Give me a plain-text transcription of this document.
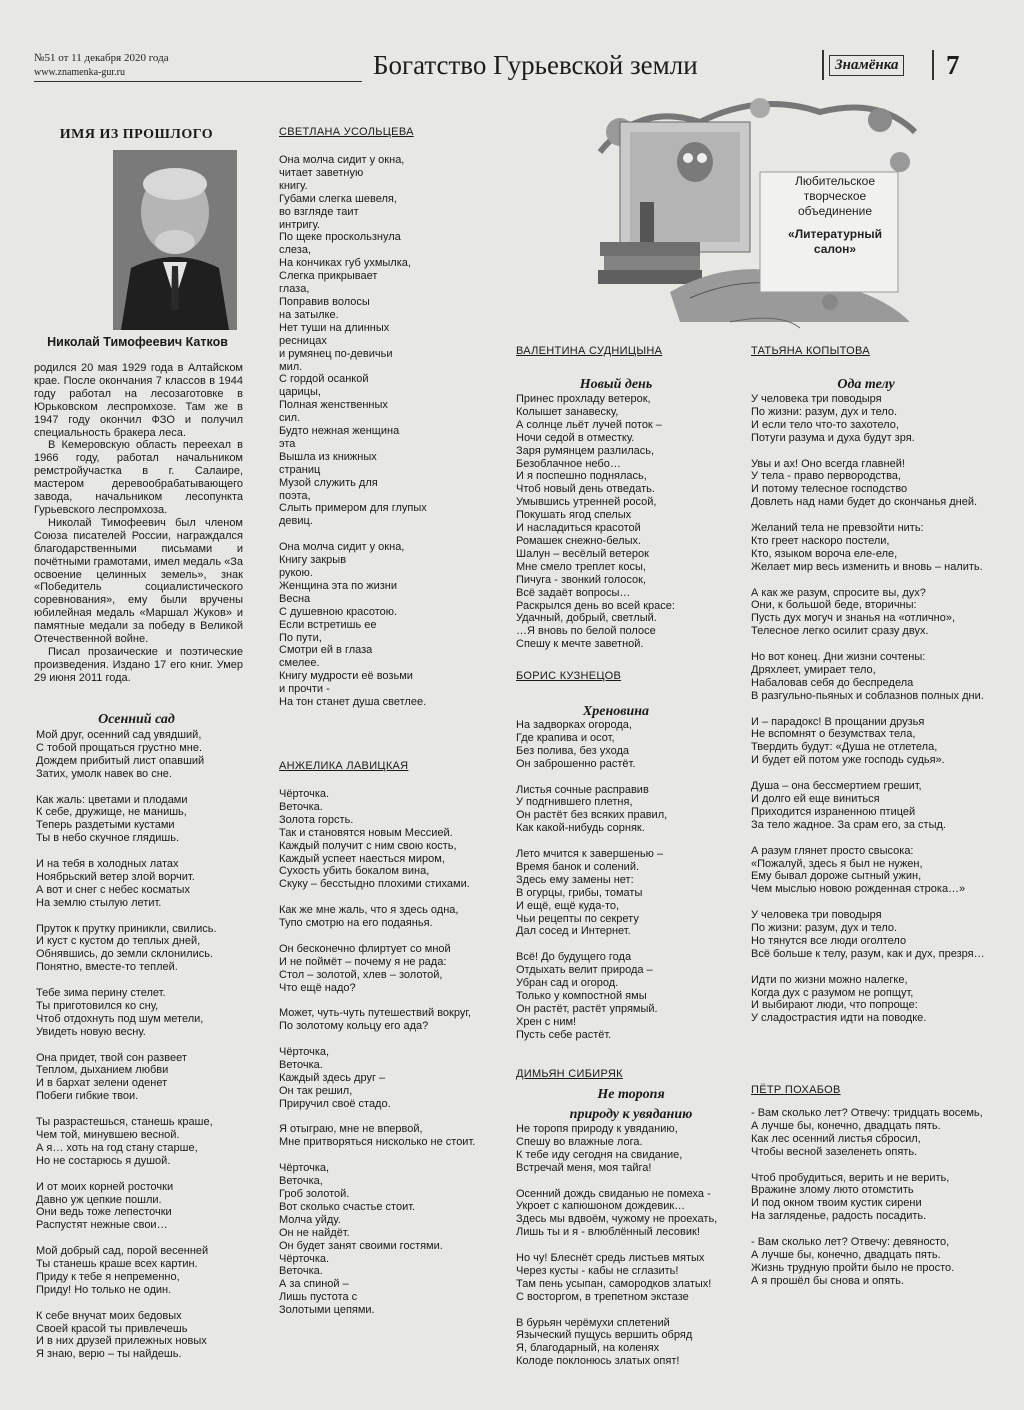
№51 от 11 декабря 2020 года
www.znamenka-gur.ru	Богатство Гурьевской земли	Знамёнка 7
ИМЯ ИЗ ПРОШЛОГО
Николай Тимофеевич Катков

родился 20 мая 1929 года в Алтайском крае. После окончания 7 классов в 1944 году работал на лесозаготовке в Юрьковском леспромхозе. Там же в 1947 году окончил ФЗО и получил специальность бракера леса.

В Кемеровскую область переехал в 1966 году, работал начальником ремстройучастка в г. Салаире, мастером деревообрабатывающего завода, начальником лесопункта Гурьевского леспромхоза.

Николай Тимофеевич был членом Союза писателей России, награждался благодарственными письмами и почётными грамотами, имел медаль «За освоение целинных земель», знак «Победитель социалистического соревнования», ему были вручены юбилейная медаль «Маршал Жуков» и памятные медали за победу в Великой Отечественной войне.

Писал прозаические и поэтические произведения. Издано 17 его книг. Умер 29 июня 2011 года.

Осенний сад
Мой друг, осенний сад увядший,
С тобой прощаться грустно мне.
Дождем прибитый лист опавший
Затих, умолк навек во сне.
Как жаль: цветами и плодами
К себе, дружище, не манишь,
Теперь раздетыми кустами
Ты в небо скучное глядишь.
И на тебя в холодных латах
Ноябрьский ветер злой ворчит.
А вот и снег с небес косматых
На землю стылую летит.
Пруток к прутку приникли, свились.
И куст с кустом до теплых дней,
Обнявшись, до земли склонились.
Понятно, вместе-то теплей.
Тебе зима перину стелет.
Ты приготовился ко сну,
Чтоб отдохнуть под шум метели,
Увидеть новую весну.
Она придет, твой сон развеет
Теплом, дыханием любви
И в бархат зелени оденет
Побеги гибкие твои.
Ты разрастешься, станешь краше,
Чем той, минувшею весной.
А я… хоть на год стану старше,
Но не состарюсь я душой.
И от моих корней росточки
Давно уж цепкие пошли.
Они ведь тоже лепесточки
Распустят нежные свои…
Мой добрый сад, порой весенней
Ты станешь краше всех картин.
Приду к тебе я непременно,
Приду! Но только не один.
К себе внучат моих бедовых
Своей красой ты привлечешь
И в них друзей прилежных новых
Я знаю, верю – ты найдешь.
СВЕТЛАНА УСОЛЬЦЕВА
Она молча сидит у окна,
читает заветную
книгу.
Губами слегка шевеля,
во взгляде таит
интригу.
По щеке проскользнула
слеза,
На кончиках губ ухмылка,
Слегка прикрывает
глаза,
Поправив волосы
на затылке.
Нет туши на длинных
ресницах
и румянец по-девичьи
мил.
С гордой осанкой
царицы,
Полная женственных
сил.
Будто нежная женщина
эта
Вышла из книжных
страниц
Музой служить для
поэта,
Слыть примером для глупых
девиц.
Она молча сидит у окна,
Книгу закрыв
рукою.
Женщина эта по жизни
Весна
С душевною красотою.
Если встретишь ее
По пути,
Смотри ей в глаза
смелее.
Книгу мудрости её возьми
и прочти -
На тон станет душа светлее.
АНЖЕЛИКА ЛАВИЦКАЯ
Чёрточка.
Веточка.
Золота горсть.
Так и становятся новым Мессией.
Каждый получит с ним свою кость,
Каждый успеет наесться миром,
Сухость убить бокалом вина,
Скуку – бесстыдно плохими стихами.
Как же мне жаль, что я здесь одна,
Тупо смотрю на его подаянья.
Он бесконечно флиртует со мной
И не поймёт – почему я не рада:
Стол – золотой, хлев – золотой,
Что ещё надо?
Может, чуть-чуть путешествий вокруг,
По золотому кольцу его ада?
Чёрточка,
Веточка.
Каждый здесь друг –
Он так решил,
Приручил своё стадо.
Я отыграю, мне не впервой,
Мне притворяться нисколько не стоит.
Чёрточка,
Веточка,
Гроб золотой.
Вот сколько счастье стоит.
Молча уйду.
Он не найдёт.
Он будет занят своими гостями.
Чёрточка.
Веточка.
А за спиной –
Лишь пустота с
Золотыми цепями.
Любительское
творческое
объединение
«Литературный
салон»
ВАЛЕНТИНА СУДНИЦЫНА
Новый день
Принес прохладу ветерок,
Колышет занавеску,
А солнце льёт лучей поток –
Ночи седой в отместку.
Заря румянцем разлилась,
Безоблачное небо…
И я поспешно поднялась,
Чтоб новый день отведать.
Умывшись утренней росой,
Покушать ягод спелых
И насладиться красотой
Ромашек снежно-белых.
Шалун – весёлый ветерок
Мне смело треплет косы,
Пичуга - звонкий голосок,
Всё задаёт вопросы…
Раскрылся день во всей красе:
Удачный, добрый, светлый.
…Я вновь по белой полосе
Спешу к мечте заветной.
БОРИС КУЗНЕЦОВ
Хреновина
На задворках огорода,
Где крапива и осот,
Без полива, без ухода
Он заброшенно растёт.
Листья сочные расправив
У подгнившего плетня,
Он растёт без всяких правил,
Как какой-нибудь сорняк.
Лето мчится к завершенью –
Время банок и солений.
Здесь ему замены нет:
В огурцы, грибы, томаты
И ещё, ещё куда-то,
Чьи рецепты по секрету
Дал сосед и Интернет.
Всё! До будущего года
Отдыхать велит природа –
Убран сад и огород.
Только у компостной ямы
Он растёт, растёт упрямый.
Хрен с ним!
Пусть себе растёт.
ДИМЬЯН СИБИРЯК
Не торопя
природу к увяданию
Не торопя природу к увяданию,
Спешу во влажные лога.
К тебе иду сегодня на свидание,
Встречай меня, моя тайга!
Осенний дождь свиданью не помеха -
Укроет с капюшоном дождевик…
Здесь мы вдвоём, чужому не проехать,
Лишь ты и я - влюблённый лесовик!
Но чу! Блеснёт средь листьев мятых
Через кусты - кабы не сглазить!
Там пень усыпан, самородков златых!
С восторгом, в трепетном экстазе
В бурьян черёмухи сплетений
Языческий пущусь вершить обряд
Я, благодарный, на коленях
Колоде поклонюсь златых опят!
ТАТЬЯНА КОПЫТОВА
Ода телу
У человека три поводыря
По жизни: разум, дух и тело.
И если тело что-то захотело,
Потуги разума и духа будут зря.
Увы и ах! Оно всегда главней!
У тела - право первородства,
И потому телесное господство
Довлеть над нами будет до скончанья дней.
Желаний тела не превзойти нить:
Кто греет наскоро постели,
Кто, языком вороча еле-еле,
Желает мир весь изменить и вновь – налить.
А как же разум, спросите вы, дух?
Они, к большой беде, вторичны:
Пусть дух могуч и знанья на «отлично»,
Телесное легко осилит сразу двух.
Но вот конец. Дни жизни сочтены:
Дряхлеет, умирает тело,
Набаловав себя до беспредела
В разгульно-пьяных и соблазнов полных дни.
И – парадокс! В прощании друзья
Не вспомнят о безумствах тела,
Твердить будут: «Душа не отлетела,
И будет ей потом уже господь судья».
Душа – она бессмертием грешит,
И долго ей еще виниться
Приходится израненною птицей
За тело жадное. За срам его, за стыд.
А разум глянет просто свысока:
«Пожалуй, здесь я был не нужен,
Ему бывал дороже сытный ужин,
Чем мыслью новою рожденная строка…»
У человека три поводыря
По жизни: разум, дух и тело.
Но тянутся все люди оголтело
Всё больше к телу, разум, как и дух, презря…
Идти по жизни можно налегке,
Когда дух с разумом не ропщут,
И выбирают люди, что попроще:
У сладострастия идти на поводке.
ПЁТР ПОХАБОВ
- Вам сколько лет? Отвечу: тридцать восемь,
А лучше бы, конечно, двадцать пять.
Как лес осенний листья сбросил,
Чтобы весной зазеленеть опять.
Чтоб пробудиться, верить и не верить,
Вражине злому люто отомстить
И под окном твоим кустик сирени
На загляденье, радость посадить.
- Вам сколько лет? Отвечу: девяносто,
А лучше бы, конечно, двадцать пять.
Жизнь трудную пройти было не просто.
А я прошёл бы снова и опять.
